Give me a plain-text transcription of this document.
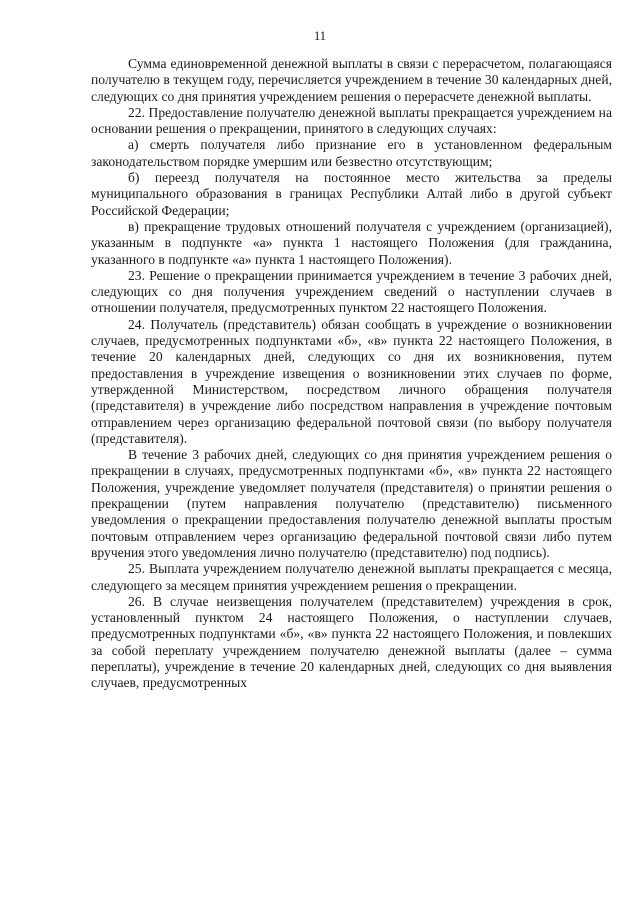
11

Сумма единовременной денежной выплаты в связи с перерасчетом, полагающаяся получателю в текущем году, перечисляется учреждением в течение 30 календарных дней, следующих со дня принятия учреждением решения о перерасчете денежной выплаты.

22. Предоставление получателю денежной выплаты прекращается учреждением на основании решения о прекращении, принятого в следующих случаях:

а) смерть получателя либо признание его в установленном федеральным законодательством порядке умершим или безвестно отсутствующим;

б) переезд получателя на постоянное место жительства за пределы муниципального образования в границах Республики Алтай либо в другой субъект Российской Федерации;

в) прекращение трудовых отношений получателя с учреждением (организацией), указанным в подпункте «а» пункта 1 настоящего Положения (для гражданина, указанного в подпункте «а» пункта 1 настоящего Положения).

23. Решение о прекращении принимается учреждением в течение 3 рабочих дней, следующих со дня получения учреждением сведений о наступлении случаев в отношении получателя, предусмотренных пунктом 22 настоящего Положения.

24. Получатель (представитель) обязан сообщать в учреждение о возникновении случаев, предусмотренных подпунктами «б», «в» пункта 22 настоящего Положения, в течение 20 календарных дней, следующих со дня их возникновения, путем предоставления в учреждение извещения о возникновении этих случаев по форме, утвержденной Министерством, посредством личного обращения получателя (представителя) в учреждение либо посредством направления в учреждение почтовым отправлением через организацию федеральной почтовой связи (по выбору получателя (представителя).

В течение 3 рабочих дней, следующих со дня принятия учреждением решения о прекращении в случаях, предусмотренных подпунктами «б», «в» пункта 22 настоящего Положения, учреждение уведомляет получателя (представителя) о принятии решения о прекращении (путем направления получателю (представителю) письменного уведомления о прекращении предоставления получателю денежной выплаты простым почтовым отправлением через организацию федеральной почтовой связи либо путем вручения этого уведомления лично получателю (представителю) под подпись).

25. Выплата учреждением получателю денежной выплаты прекращается с месяца, следующего за месяцем принятия учреждением решения о прекращении.

26. В случае неизвещения получателем (представителем) учреждения в срок, установленный пунктом 24 настоящего Положения, о наступлении случаев, предусмотренных подпунктами «б», «в» пункта 22 настоящего Положения, и повлекших за собой переплату учреждением получателю денежной выплаты (далее – сумма переплаты), учреждение в течение 20 календарных дней, следующих со дня выявления случаев, предусмотренных
